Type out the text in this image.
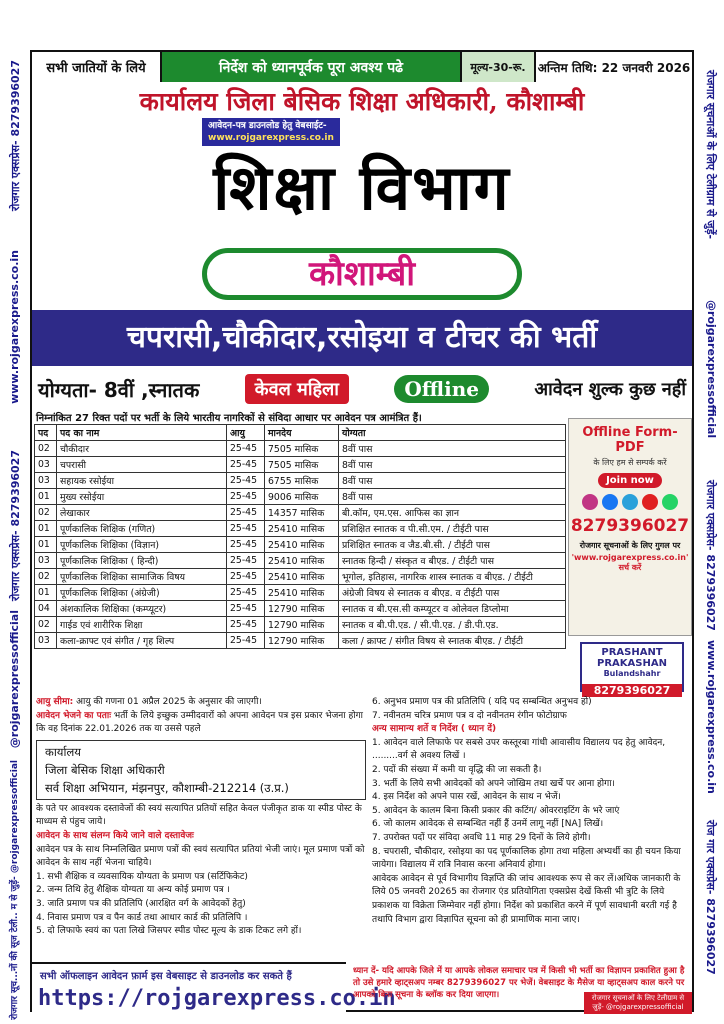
रोजगार एक्सप्रेस- 8279396027
www.rojgarexpress.co.in
रोजगार एक्सप्रेस- 8279396027
@rojgarexpressofficial
रोजगार सूच...नों की सूज टेली.. म से जुड़ें- @rojgarexpressofficial
रोजगार सूचनाओं के लिए टेलीग्राम से जुड़ें-
@rojgarexpressofficial
रोजगार एक्सप्रेस- 8279396027
www.rojgarexpress.co.in
रोज गार एक्सप्रेस- 8279396027
सभी जातियों के लिये	निर्देश को ध्यानपूर्वक पूरा अवश्य पढे	मूल्य-30-रू.	अन्तिम तिथि: 22 जनवरी 2026
कार्यालय जिला बेसिक शिक्षा अधिकारी, कौशाम्बी
आवेदन-पत्र डाउनलोड हेतु वेबसाईट-
www.rojgarexpress.co.in
शिक्षा विभाग
कौशाम्बी
चपरासी,चौकीदार,रसोइया व टीचर की भर्ती
योग्यता- 8वीं ,स्नातक	केवल महिला	Offline	आवेदन शुल्क कुछ नहीं
निम्नांकित 27 रिक्त पदों पर भर्ती के लिये भारतीय नागरिकों से संविदा आधार पर आवेदन पत्र आमंत्रित हैं।
पद	पद का नाम	आयु	मानदेय	योग्यता
02	चौकीदार	25-45	7505 मासिक	8वीं पास
03	चपरासी	25-45	7505 मासिक	8वीं पास
03	सहायक रसोईया	25-45	6755 मासिक	8वीं पास
01	मुख्य रसोईया	25-45	9006 मासिक	8वीं पास
02	लेखाकार	25-45	14357 मासिक	बी.कॉम, एम.एस. आफिस का ज्ञान
01	पूर्णकालिक शिक्षिक (गणित)	25-45	25410 मासिक	प्रशिक्षित स्नातक व पी.सी.एम. / टीईटी पास
01	पूर्णकालिक शिक्षिका (विज्ञान)	25-45	25410 मासिक	प्रशिक्षित स्नातक व जैड.बी.सी. / टीईटी पास
03	पूर्णकालिक शिक्षिका ( हिन्दी)	25-45	25410 मासिक	स्नातक हिन्दी / संस्कृत व बीएड. / टीईटी पास
02	पूर्णकालिक शिक्षिका सामाजिक विषय	25-45	25410 मासिक	भूगोल, इतिहास, नागरिक शास्त्र स्नातक व बीएड. / टीईटी
01	पूर्णकालिक शिक्षिका (अंग्रेजी)	25-45	25410 मासिक	अंग्रेजी विषय से स्नातक व बीएड. व टीईटी पास
04	अंशकालिक शिक्षिका (कम्प्यूटर)	25-45	12790 मासिक	स्नातक व बी.एस.सी कम्प्यूटर व ओलेवल डिप्लोमा
02	गाईड एवं शारीरिक शिक्षा	25-45	12790 मासिक	स्नातक व बी.पी.एड. / सी.पी.एड. / डी.पी.एड.
03	कला-क्राफ्ट एवं संगीत / गृह शिल्प	25-45	12790 मासिक	कला / क्राफ्ट / संगीत विषय से स्नातक बीएड. / टीईटी
Offline Form-PDF
के लिए हम से सम्पर्क करें
Join now
8279396027
रोजगार सूचनाओं के लिए गुगल पर
'www.rojgarexpress.co.in' सर्च करें
PRASHANT PRAKASHAN
Bulandshahr
8279396027
आयु सीमा: आयु की गणना 01 अप्रैल 2025 के अनुसार की जाएगी।
आवेदन भेजने का पताः भर्ती के लिये इच्छुक उम्मीदवारों को अपना आवेदन पत्र इस प्रकार भेजना होगा कि वह दिनांक 22.01.2026 तक या उससे पहले
कार्यालय
जिला बेसिक शिक्षा अधिकारी
सर्व शिक्षा अभियान, मंझनपुर, कौशाम्बी-212214 (उ.प्र.)
के पते पर आवश्यक दस्तावेजों की स्वयं सत्यापित प्रतियों सहित केवल पंजीकृत डाक या स्पीड पोस्ट के माध्यम से पंहुच जाये।
आवेदन के साथ संलग्न किये जाने वाले दस्तावेजः
आवेदन पत्र के साथ निम्नलिखित प्रमाण पत्रों की स्वयं सत्यापित प्रतियां भेजी जाएं। मूल प्रमाण पत्रों को आवेदन के साथ नहीं भेजना चाहिये।
1. सभी शैक्षिक व व्यवसायिक योग्यता के प्रमाण पत्र (सर्टिफिकेट)
2. जन्म तिथि हेतु शैक्षिक योग्यता या अन्य कोई प्रमाण पत्र ।
3. जाति प्रमाण पत्र की प्रतिलिपि (आरक्षित वर्ग के आवेदकों हेतु)
4. निवास प्रमाण पत्र व पैन कार्ड तथा आधार कार्ड की प्रतिलिपि ।
5. दो लिफाफे स्वयं का पता लिखे जिसपर स्पीड पोस्ट मूल्य के डाक टिकट लगे हों।
6. अनुभव प्रमाण पत्र की प्रतिलिपि ( यदि पद सम्बन्धित अनुभव हो)
7. नवीनतम चरित्र प्रमाण पत्र व दो नवीनतम रंगीन फोटोग्राफ
अन्य सामान्य शर्ते व निर्देश ( ध्यान दें)
1. आवेदन वाले लिफाफे पर सबसे उपर कस्तूरबा गांधी आवासीय विद्यालय पद हेतु आवेदन, .........वर्ग से अवश्य लिखें ।
2. पदों की संख्या में कमी या वृद्धि की जा सकती है।
3. भर्ती के लिये सभी आवेदकों को अपने जोखिम तथा खर्चे पर आना होगा।
4. इस निर्देश को अपने पास रखें, आवेदन के साथ न भेजें।
5. आवेदन के कालम बिना किसी प्रकार की कटिंग/ ओवरराइटिंग के भरे जाएं
6. जो कालम आवेदक से सम्बन्धित नहीं हैं उनमें लागू नहीं [NA] लिखें।
7. उपरोक्त पदों पर संविदा अवधि 11 माह 29 दिनों के लिये होगी।
8. चपरासी, चौकीदार, रसोइया का पद पूर्णकालिक होगा तथा महिला अभ्यर्थी का ही चयन किया जायेगा। विद्यालय में रात्रि निवास करना अनिवार्य होगा।
आवेदक आवेदन से पूर्व विभागीय विज्ञप्ति की जांच आवश्यक रूप से कर लें।अधिक जानकारी के लिये 05 जनवरी 20265 का रोजगार एंड प्रतियोगिता एक्सप्रेस देखें किसी भी त्रुटि के लिये प्रकाशक या विक्रेता जिम्मेवार नहीं होगा। निर्देश को प्रकाशित करने में पूर्ण सावधानी बरती गई है तथापि विभाग द्वारा विज्ञापित सूचना को ही प्रामाणिक माना जाए।
सभी ऑफलाइन आवेदन फ़ार्म इस वेबसाइट से डाउनलोड कर सकते हैं
https://rojgarexpress.co.in
ध्यान दें- यदि आपके जिले में या आपके लोकल समाचार पत्र में किसी भी भर्ती का विज्ञापन प्रकाशित हुआ है तो उसे हमारे व्हाट्सअप नम्बर 8279396027 पर भेजें। वेबसाइट के मैसेज या व्हाट्सअप काल करने पर आपको बिना सूचना के ब्लॉक कर दिया जाएगा।	रोजगार सूचनाओं के लिए टेलीग्राम से जुड़ें- @rojgarexpressofficial
